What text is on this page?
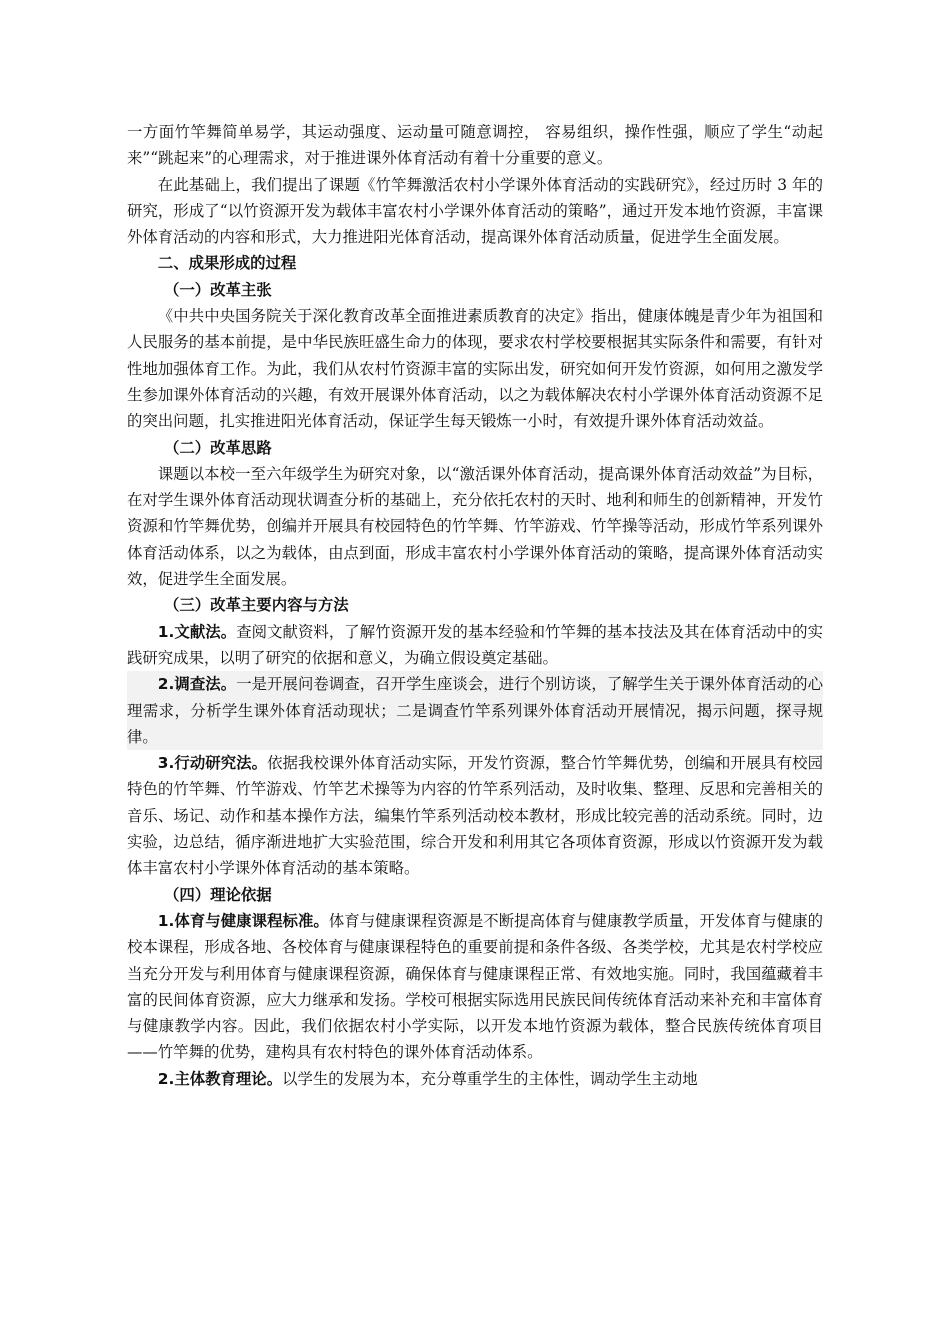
一方面竹竿舞简单易学，其运动强度、运动量可随意调控， 容易组织，操作性强，顺应了学生“动起来”“跳起来”的心理需求，对于推进课外体育活动有着十分重要的意义。

在此基础上，我们提出了课题《竹竿舞激活农村小学课外体育活动的实践研究》，经过历时 3 年的研究，形成了“以竹资源开发为载体丰富农村小学课外体育活动的策略”，通过开发本地竹资源，丰富课外体育活动的内容和形式，大力推进阳光体育活动，提高课外体育活动质量，促进学生全面发展。

二、成果形成的过程

（一）改革主张

《中共中央国务院关于深化教育改革全面推进素质教育的决定》指出，健康体魄是青少年为祖国和人民服务的基本前提，是中华民族旺盛生命力的体现，要求农村学校要根据其实际条件和需要，有针对性地加强体育工作。为此，我们从农村竹资源丰富的实际出发，研究如何开发竹资源，如何用之激发学生参加课外体育活动的兴趣，有效开展课外体育活动，以之为载体解决农村小学课外体育活动资源不足的突出问题，扎实推进阳光体育活动，保证学生每天锻炼一小时，有效提升课外体育活动效益。

（二）改革思路

课题以本校一至六年级学生为研究对象，以“激活课外体育活动，提高课外体育活动效益”为目标，在对学生课外体育活动现状调查分析的基础上，充分依托农村的天时、地利和师生的创新精神，开发竹资源和竹竿舞优势，创编并开展具有校园特色的竹竿舞、竹竿游戏、竹竿操等活动，形成竹竿系列课外体育活动体系，以之为载体，由点到面，形成丰富农村小学课外体育活动的策略，提高课外体育活动实效，促进学生全面发展。

（三）改革主要内容与方法

1.文献法。查阅文献资料，了解竹资源开发的基本经验和竹竿舞的基本技法及其在体育活动中的实践研究成果，以明了研究的依据和意义，为确立假设奠定基础。

2.调查法。一是开展问卷调查，召开学生座谈会，进行个别访谈，了解学生关于课外体育活动的心理需求，分析学生课外体育活动现状；二是调查竹竿系列课外体育活动开展情况，揭示问题，探寻规律。

3.行动研究法。依据我校课外体育活动实际，开发竹资源，整合竹竿舞优势，创编和开展具有校园特色的竹竿舞、竹竿游戏、竹竿艺术操等为内容的竹竿系列活动，及时收集、整理、反思和完善相关的音乐、场记、动作和基本操作方法，编集竹竿系列活动校本教材，形成比较完善的活动系统。同时，边实验，边总结，循序渐进地扩大实验范围，综合开发和利用其它各项体育资源，形成以竹资源开发为载体丰富农村小学课外体育活动的基本策略。

（四）理论依据

1.体育与健康课程标准。体育与健康课程资源是不断提高体育与健康教学质量，开发体育与健康的校本课程，形成各地、各校体育与健康课程特色的重要前提和条件各级、各类学校，尤其是农村学校应当充分开发与利用体育与健康课程资源，确保体育与健康课程正常、有效地实施。同时，我国蕴藏着丰富的民间体育资源，应大力继承和发扬。学校可根据实际选用民族民间传统体育活动来补充和丰富体育与健康教学内容。因此，我们依据农村小学实际，以开发本地竹资源为载体，整合民族传统体育项目——竹竿舞的优势，建构具有农村特色的课外体育活动体系。

2.主体教育理论。以学生的发展为本，充分尊重学生的主体性，调动学生主动地
